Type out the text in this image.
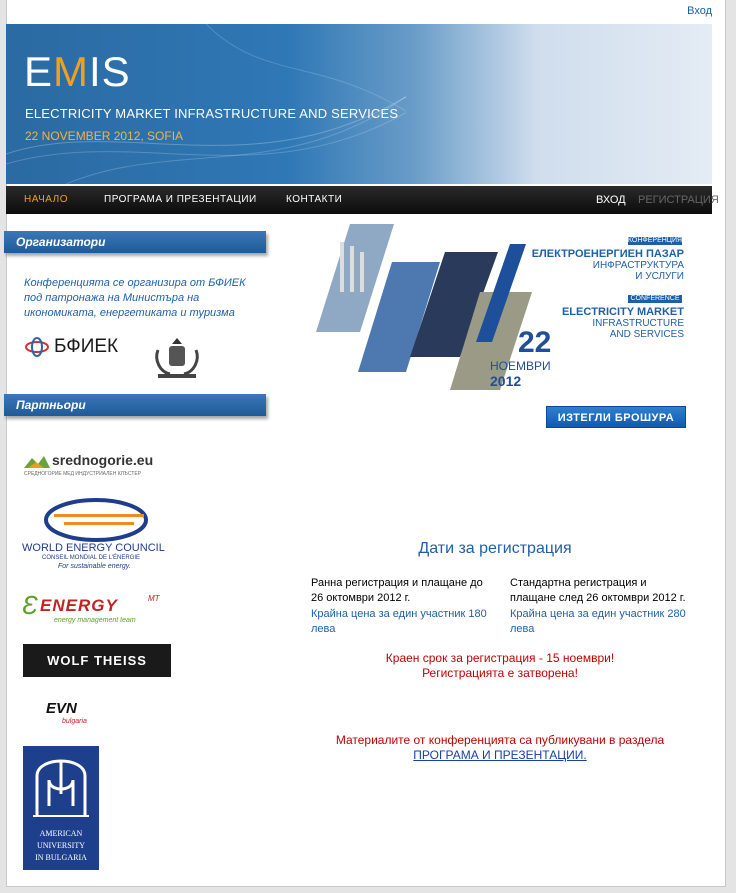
Вход
EMIS
ELECTRICITY MARKET INFRASTRUCTURE AND SERVICES
22 NOVEMBER 2012, SOFIA
НАЧАЛО	ПРОГРАМА И ПРЕЗЕНТАЦИИ	КОНТАКТИ	ВХОД РЕГИСТРАЦИЯ
Организатори
Конференцията се организира от БФИЕК под патронажа на Министъра на икономиката, енергетиката и туризма
БФИЕК
Партньори
srednogorie.eu
СРЕДНОГОРИЕ МЕД ИНДУСТРИАЛЕН КЛЪСТЕР
WORLD ENERGY COUNCIL
CONSEIL MONDIAL DE L'ÉNERGIE
For sustainable energy.
Ɛ ENERGY	MT
energy management team
WOLF THEISS
EVN
bulgaria
AMERICAN
UNIVERSITY
IN BULGARIA
КОНФЕРЕНЦИЯ
ЕЛЕКТРОЕНЕРГИЕН ПАЗАР
ИНФРАСТРУКТУРА
И УСЛУГИ
CONFERENCE
ELECTRICITY MARKET
INFRASTRUCTURE
AND SERVICES
22
НОЕМВРИ
2012
ИЗТЕГЛИ БРОШУРА
Дати за регистрация
Ранна регистрация и плащане до 26 октомври 2012 г.
Крайна цена за един участник 180 лева
Стандартна регистрация и плащане след 26 октомври 2012 г.
Крайна цена за един участник 280 лева
Краен срок за регистрация - 15 ноември!
Регистрацията е затворена!
Материалите от конференцията са публикувани в раздела
ПРОГРАМА И ПРЕЗЕНТАЦИИ.
